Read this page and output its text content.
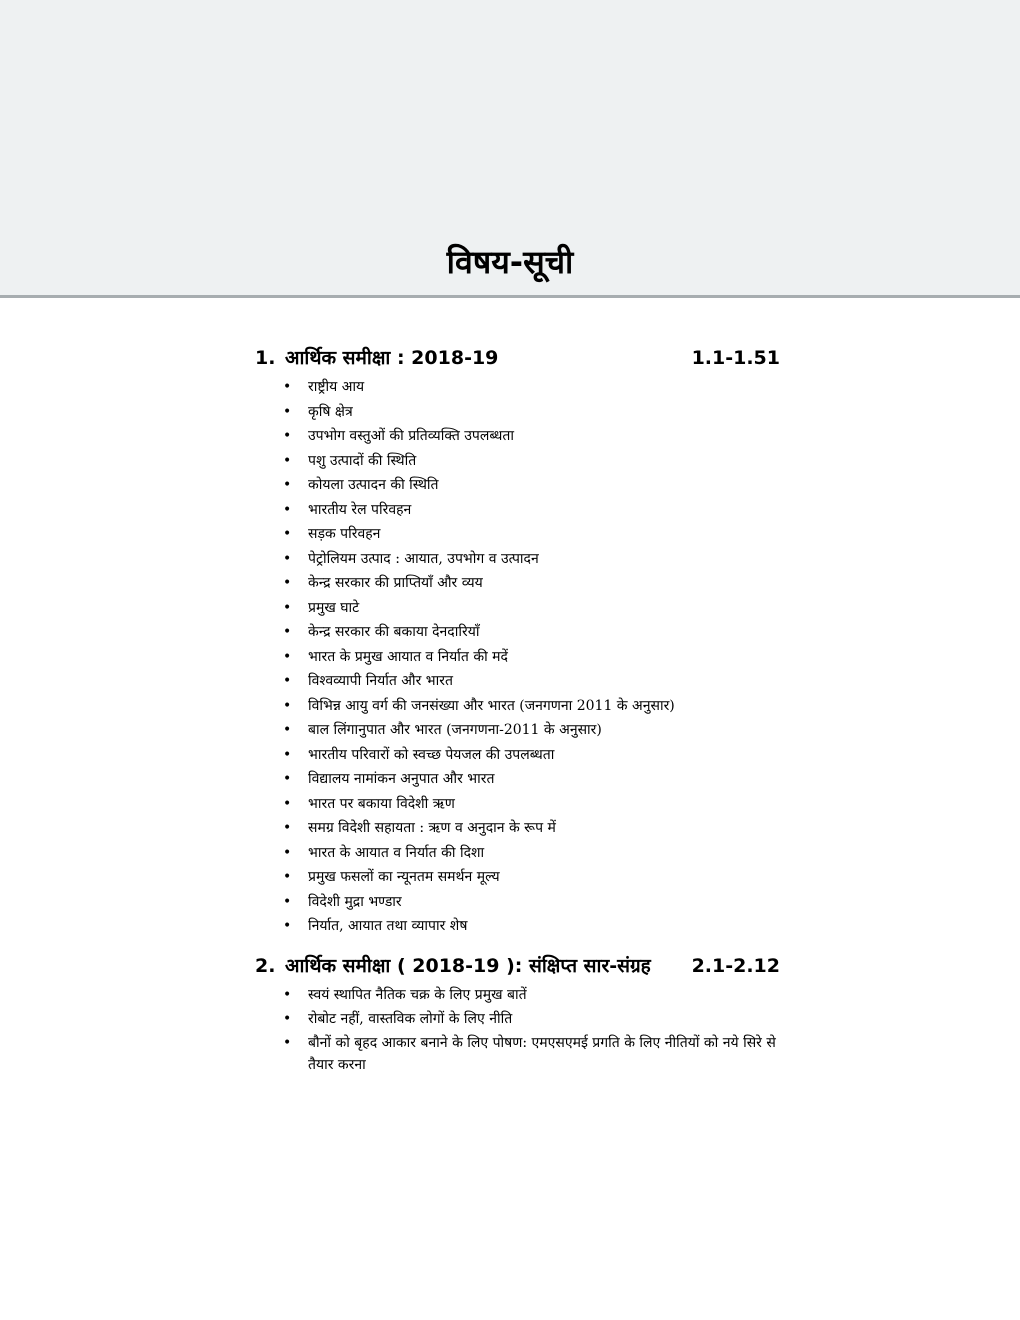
विषय-सूची
1. आर्थिक समीक्षा : 2018-19	1.1-1.51
• राष्ट्रीय आय
• कृषि क्षेत्र
• उपभोग वस्तुओं की प्रतिव्यक्ति उपलब्धता
• पशु उत्पादों की स्थिति
• कोयला उत्पादन की स्थिति
• भारतीय रेल परिवहन
• सड़क परिवहन
• पेट्रोलियम उत्पाद : आयात, उपभोग व उत्पादन
• केन्द्र सरकार की प्राप्तियाँ और व्यय
• प्रमुख घाटे
• केन्द्र सरकार की बकाया देनदारियाँ
• भारत के प्रमुख आयात व निर्यात की मदें
• विश्वव्यापी निर्यात और भारत
• विभिन्न आयु वर्ग की जनसंख्या और भारत (जनगणना 2011 के अनुसार)
• बाल लिंगानुपात और भारत (जनगणना-2011 के अनुसार)
• भारतीय परिवारों को स्वच्छ पेयजल की उपलब्धता
• विद्यालय नामांकन अनुपात और भारत
• भारत पर बकाया विदेशी ऋण
• समग्र विदेशी सहायता : ऋण व अनुदान के रूप में
• भारत के आयात व निर्यात की दिशा
• प्रमुख फसलों का न्यूनतम समर्थन मूल्य
• विदेशी मुद्रा भण्डार
• निर्यात, आयात तथा व्यापार शेष
2. आर्थिक समीक्षा ( 2018-19 ): संक्षिप्त सार-संग्रह	2.1-2.12
• स्वयं स्थापित नैतिक चक्र के लिए प्रमुख बातें
• रोबोट नहीं, वास्तविक लोगों के लिए नीति
• बौनों को बृहद आकार बनाने के लिए पोषण: एमएसएमई प्रगति के लिए नीतियों को नये सिरे से तैयार करना
